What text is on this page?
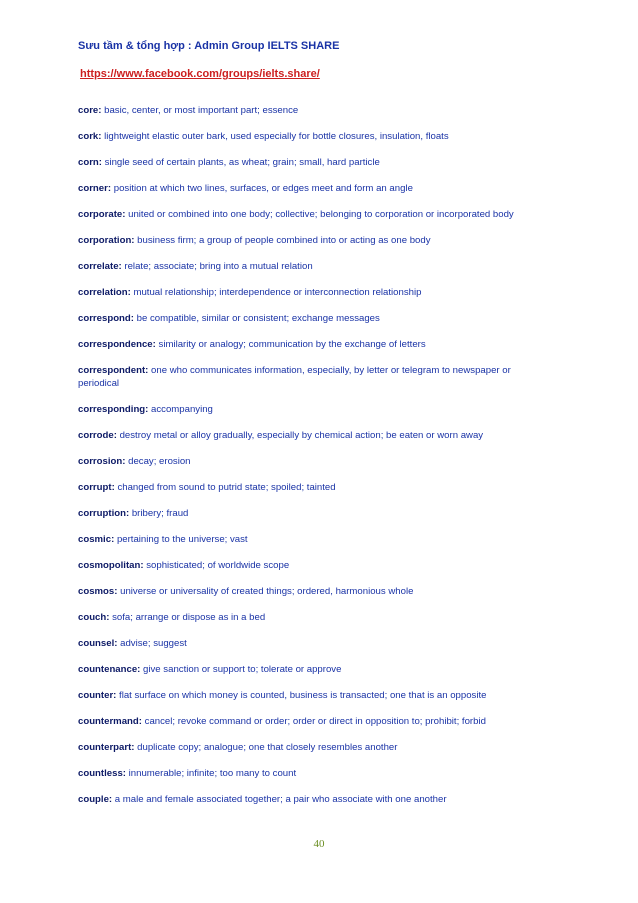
Sưu tầm & tổng hợp : Admin Group IELTS SHARE
https://www.facebook.com/groups/ielts.share/
core: basic, center, or most important part; essence
cork: lightweight elastic outer bark, used especially for bottle closures, insulation, floats
corn: single seed of certain plants, as wheat; grain; small, hard particle
corner: position at which two lines, surfaces, or edges meet and form an angle
corporate: united or combined into one body; collective; belonging to corporation or incorporated body
corporation: business firm; a group of people combined into or acting as one body
correlate: relate; associate; bring into a mutual relation
correlation: mutual relationship; interdependence or interconnection relationship
correspond: be compatible, similar or consistent; exchange messages
correspondence: similarity or analogy; communication by the exchange of letters
correspondent: one who communicates information, especially, by letter or telegram to newspaper or periodical
corresponding: accompanying
corrode: destroy metal or alloy gradually, especially by chemical action; be eaten or worn away
corrosion: decay; erosion
corrupt: changed from sound to putrid state; spoiled; tainted
corruption: bribery; fraud
cosmic: pertaining to the universe; vast
cosmopolitan: sophisticated; of worldwide scope
cosmos: universe or universality of created things; ordered, harmonious whole
couch: sofa; arrange or dispose as in a bed
counsel: advise; suggest
countenance: give sanction or support to; tolerate or approve
counter: flat surface on which money is counted, business is transacted; one that is an opposite
countermand: cancel; revoke command or order; order or direct in opposition to; prohibit; forbid
counterpart: duplicate copy; analogue; one that closely resembles another
countless: innumerable; infinite; too many to count
couple: a male and female associated together; a pair who associate with one another
40
